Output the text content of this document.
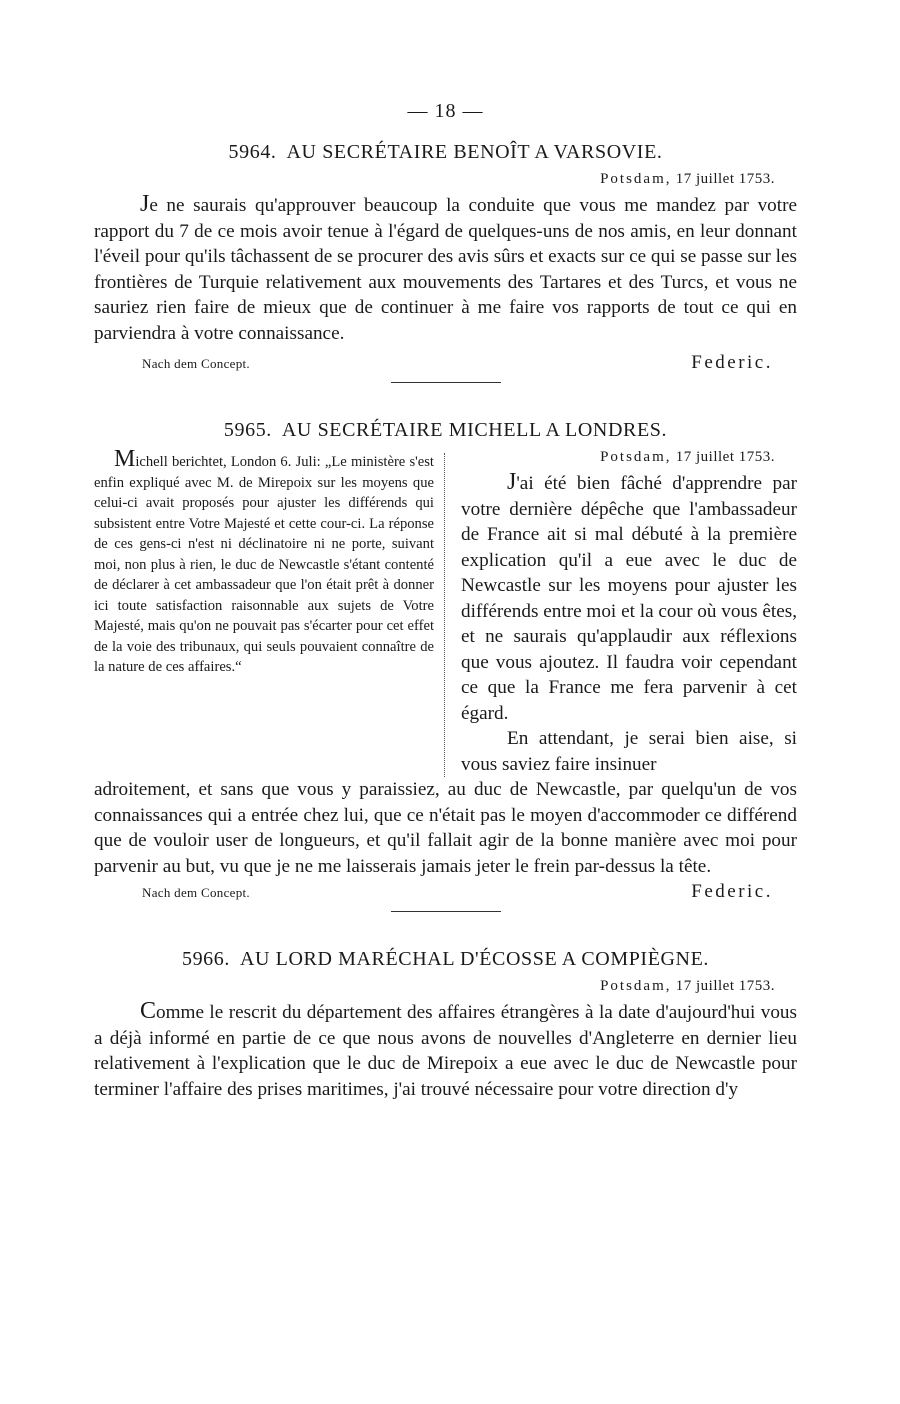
— 18 —
5964. AU SECRÉTAIRE BENOÎT A VARSOVIE.
Potsdam, 17 juillet 1753.

Je ne saurais qu'approuver beaucoup la conduite que vous me mandez par votre rapport du 7 de ce mois avoir tenue à l'égard de quelques-uns de nos amis, en leur donnant l'éveil pour qu'ils tâchassent de se procurer des avis sûrs et exacts sur ce qui se passe sur les frontières de Turquie relativement aux mouvements des Tartares et des Turcs, et vous ne sauriez rien faire de mieux que de continuer à me faire vos rapports de tout ce qui en parviendra à votre connaissance.

Nach dem Concept.	Federic.
5965. AU SECRÉTAIRE MICHELL A LONDRES.
Michell berichtet, London 6. Juli: „Le ministère s'est enfin expliqué avec M. de Mirepoix sur les moyens que celui-ci avait proposés pour ajuster les différends qui subsistent entre Votre Majesté et cette cour-ci. La réponse de ces gens-ci n'est ni déclinatoire ni ne porte, suivant moi, non plus à rien, le duc de Newcastle s'étant contenté de déclarer à cet ambassadeur que l'on était prêt à donner ici toute satisfaction raisonnable aux sujets de Votre Majesté, mais qu'on ne pouvait pas s'écarter pour cet effet de la voie des tribunaux, qui seuls pouvaient connaître de la nature de ces affaires.“
Potsdam, 17 juillet 1753.

J'ai été bien fâché d'apprendre par votre dernière dépêche que l'ambassadeur de France ait si mal débuté à la première explication qu'il a eue avec le duc de Newcastle sur les moyens pour ajuster les différends entre moi et la cour où vous êtes, et ne saurais qu'applaudir aux réflexions que vous ajoutez. Il faudra voir cependant ce que la France me fera parvenir à cet égard.

En attendant, je serai bien aise, si vous saviez faire insinuer

adroitement, et sans que vous y paraissiez, au duc de Newcastle, par quelqu'un de vos connaissances qui a entrée chez lui, que ce n'était pas le moyen d'accommoder ce différend que de vouloir user de longueurs, et qu'il fallait agir de la bonne manière avec moi pour parvenir au but, vu que je ne me laisserais jamais jeter le frein par-dessus la tête.

Nach dem Concept.	Federic.
5966. AU LORD MARÉCHAL D'ÉCOSSE A COMPIÈGNE.
Potsdam, 17 juillet 1753.

Comme le rescrit du département des affaires étrangères à la date d'aujourd'hui vous a déjà informé en partie de ce que nous avons de nouvelles d'Angleterre en dernier lieu relativement à l'explication que le duc de Mirepoix a eue avec le duc de Newcastle pour terminer l'affaire des prises maritimes, j'ai trouvé nécessaire pour votre direction d'y
